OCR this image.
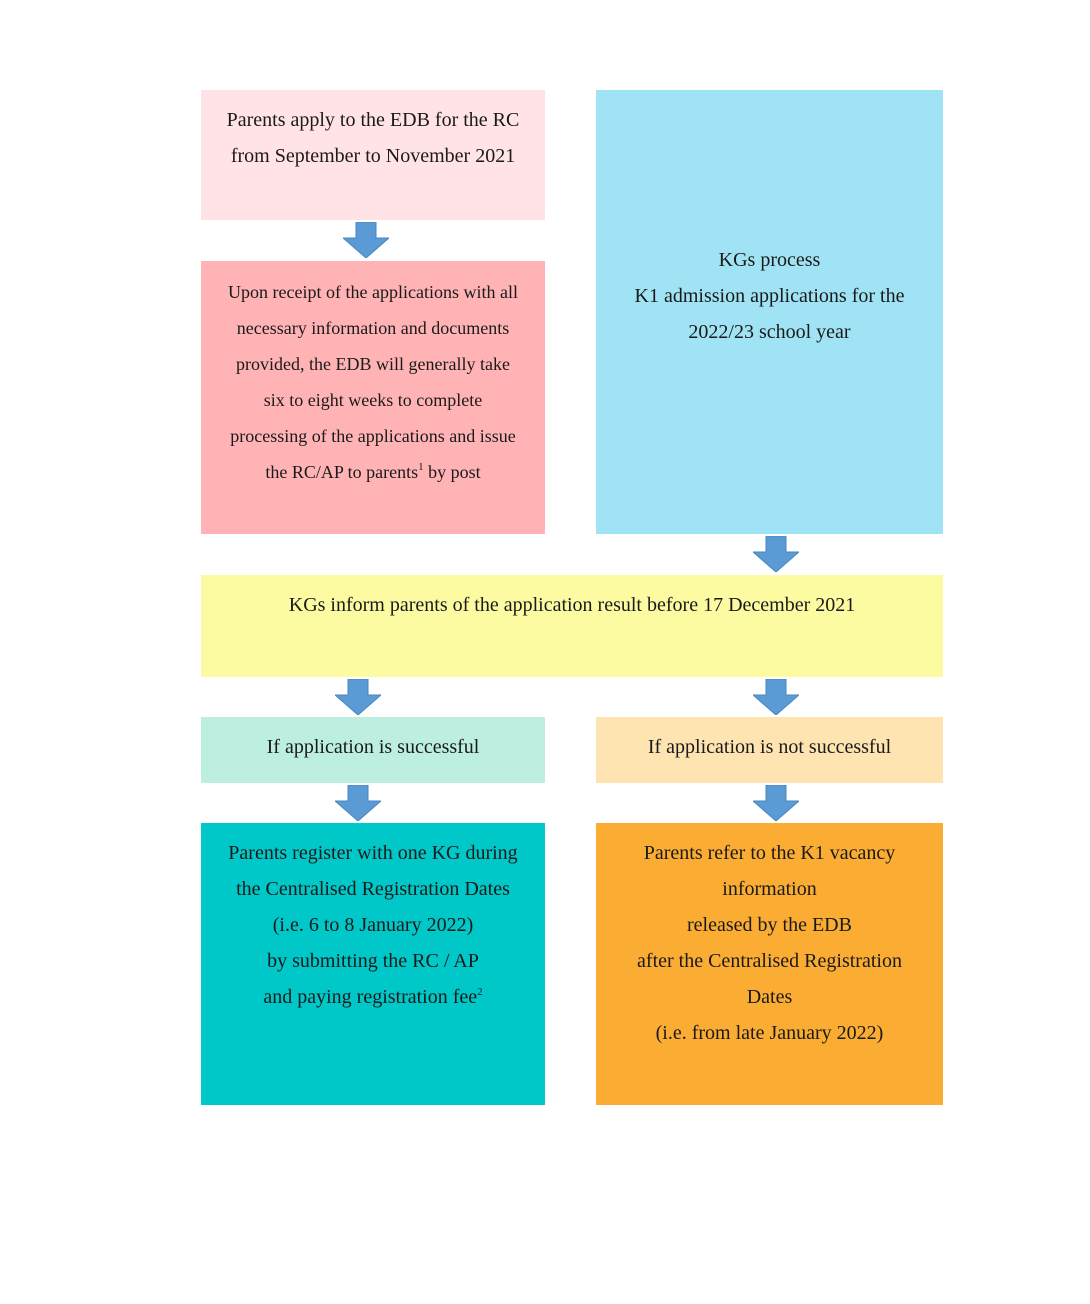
Parents apply to the EDB for the RC
from September to November 2021
Upon receipt of the applications with all
necessary information and documents
provided, the EDB will generally take
six to eight weeks to complete
processing of the applications and issue
the RC/AP to parents$^1$ by post
KGs process
K1 admission applications for the
2022/23 school year
KGs inform parents of the application result before 17 December 2021
If application is successful	If application is not successful
Parents register with one KG during
the Centralised Registration Dates
(i.e. 6 to 8 January 2022)
by submitting the RC / AP
and paying registration fee$^2$
Parents refer to the K1 vacancy
information
released by the EDB
after the Centralised Registration
Dates
(i.e. from late January 2022)
